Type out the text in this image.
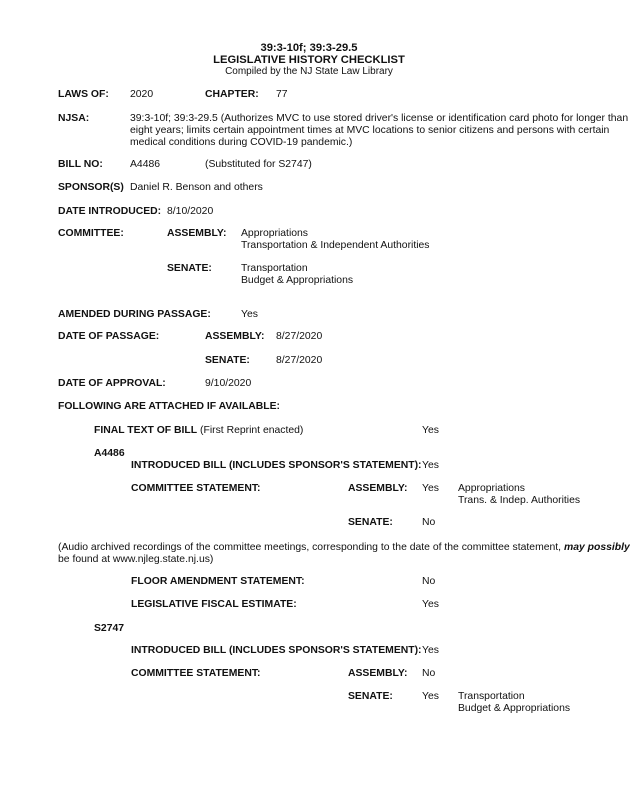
39:3-10f; 39:3-29.5
LEGISLATIVE HISTORY CHECKLIST
Compiled by the NJ State Law Library
LAWS OF: 2020	CHAPTER: 77
NJSA:	39:3-10f; 39:3-29.5 (Authorizes MVC to use stored driver's license or identification card photo for longer than
eight years; limits certain appointment times at MVC locations to senior citizens and persons with certain
medical conditions during COVID-19 pandemic.)
BILL NO:	A4486	(Substituted for S2747)
SPONSOR(S) Daniel R. Benson and others
DATE INTRODUCED: 8/10/2020
COMMITTEE:	ASSEMBLY: Appropriations
Transportation & Independent Authorities
SENATE:	Transportation
Budget & Appropriations
AMENDED DURING PASSAGE:	Yes
DATE OF PASSAGE:	ASSEMBLY: 8/27/2020
SENATE:	8/27/2020
DATE OF APPROVAL:	9/10/2020
FOLLOWING ARE ATTACHED IF AVAILABLE:
FINAL TEXT OF BILL (First Reprint enacted)	Yes
A4486
INTRODUCED BILL (INCLUDES SPONSOR'S STATEMENT): Yes
COMMITTEE STATEMENT:	ASSEMBLY: Yes Appropriations
Trans. & Indep. Authorities
SENATE:	No
(Audio archived recordings of the committee meetings, corresponding to the date of the committee statement, may possibly
be found at www.njleg.state.nj.us)
FLOOR AMENDMENT STATEMENT:	No
LEGISLATIVE FISCAL ESTIMATE:	Yes
S2747
INTRODUCED BILL (INCLUDES SPONSOR'S STATEMENT): Yes
COMMITTEE STATEMENT:	ASSEMBLY: No
SENATE:	Yes Transportation
Budget & Appropriations
